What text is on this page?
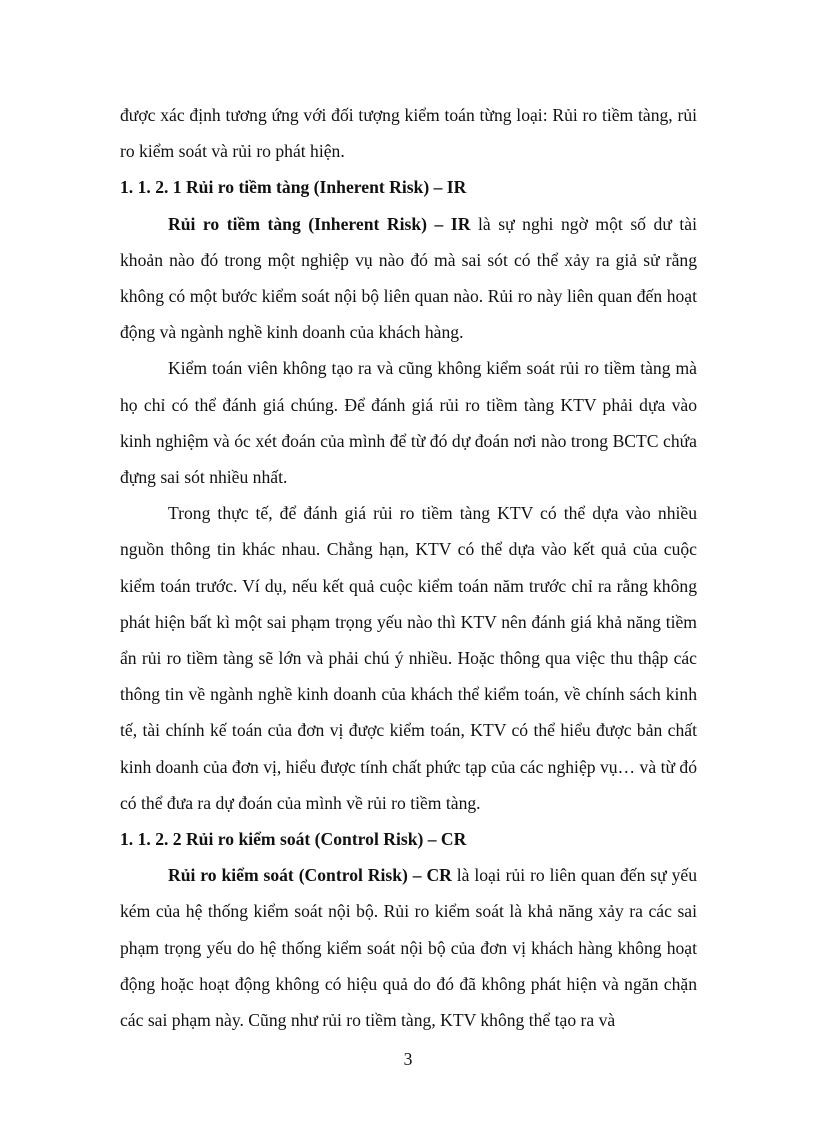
được xác định tương ứng với đối tượng kiểm toán từng loại: Rủi ro tiềm tàng, rủi ro kiểm soát và rủi ro phát hiện.

1. 1. 2. 1 Rủi ro tiềm tàng (Inherent Risk) – IR

Rủi ro tiềm tàng (Inherent Risk) – IR là sự nghi ngờ một số dư tài khoản nào đó trong một nghiệp vụ nào đó mà sai sót có thể xảy ra giả sử rằng không có một bước kiểm soát nội bộ liên quan nào. Rủi ro này liên quan đến hoạt động và ngành nghề kinh doanh của khách hàng.

Kiểm toán viên không tạo ra và cũng không kiểm soát rủi ro tiềm tàng mà họ chỉ có thể đánh giá chúng. Để đánh giá rủi ro tiềm tàng KTV phải dựa vào kinh nghiệm và óc xét đoán của mình để từ đó dự đoán nơi nào trong BCTC chứa đựng sai sót nhiều nhất.

Trong thực tế, để đánh giá rủi ro tiềm tàng KTV có thể dựa vào nhiều nguồn thông tin khác nhau. Chẳng hạn, KTV có thể dựa vào kết quả của cuộc kiểm toán trước. Ví dụ, nếu kết quả cuộc kiểm toán năm trước chỉ ra rằng không phát hiện bất kì một sai phạm trọng yếu nào thì KTV nên đánh giá khả năng tiềm ẩn rủi ro tiềm tàng sẽ lớn và phải chú ý nhiều. Hoặc thông qua việc thu thập các thông tin về ngành nghề kinh doanh của khách thể kiểm toán, về chính sách kinh tế, tài chính kế toán của đơn vị được kiểm toán, KTV có thể hiểu được bản chất kinh doanh của đơn vị, hiểu được tính chất phức tạp của các nghiệp vụ… và từ đó có thể đưa ra dự đoán của mình về rủi ro tiềm tàng.

1. 1. 2. 2 Rủi ro kiểm soát (Control Risk) – CR

Rủi ro kiểm soát (Control Risk) – CR là loại rủi ro liên quan đến sự yếu kém của hệ thống kiểm soát nội bộ. Rủi ro kiểm soát là khả năng xảy ra các sai phạm trọng yếu do hệ thống kiểm soát nội bộ của đơn vị khách hàng không hoạt động hoặc hoạt động không có hiệu quả do đó đã không phát hiện và ngăn chặn các sai phạm này. Cũng như rủi ro tiềm tàng, KTV không thể tạo ra và

3
